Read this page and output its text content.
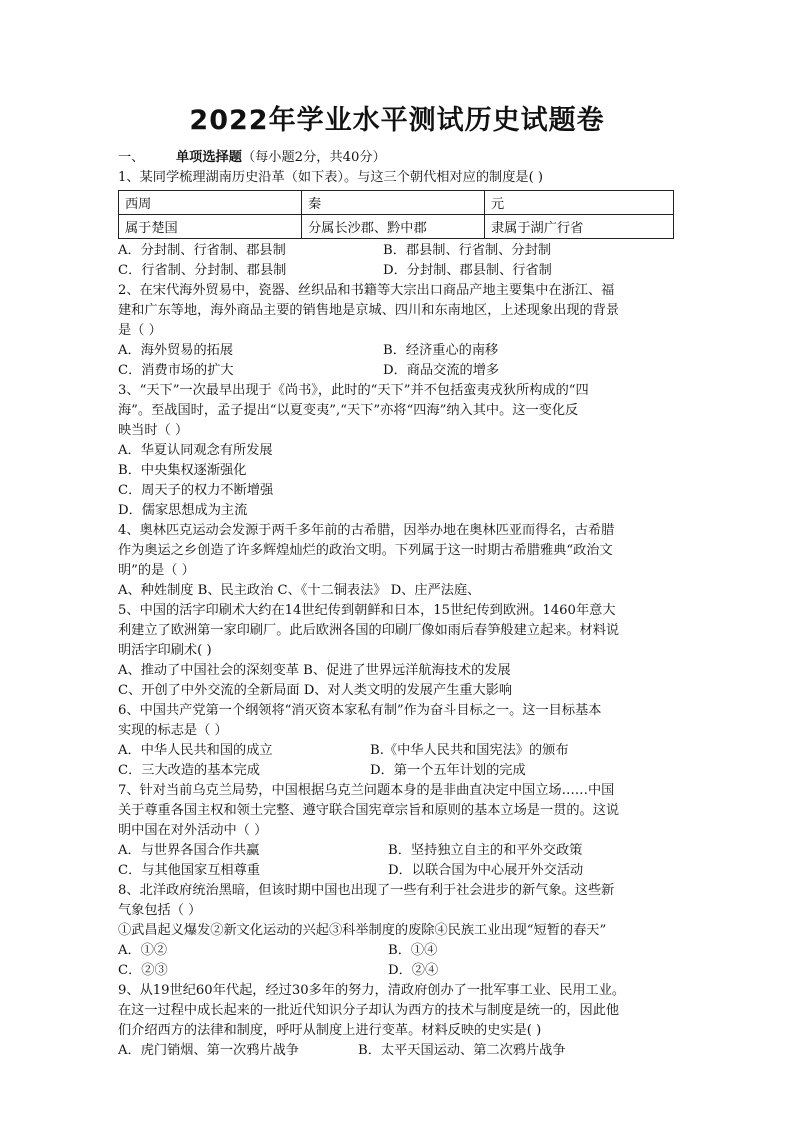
2022年学业水平测试历史试题卷
一、 单项选择题（每小题2分，共40分）
1、某同学梳理湖南历史沿革（如下表）。与这三个朝代相对应的制度是( )
西周	秦	元
属于楚国	分属长沙郡、黔中郡	隶属于湖广行省
A．分封制、行省制、郡县制	B．郡县制、行省制、分封制
C．行省制、分封制、郡县制	D．分封制、郡县制、行省制
2、在宋代海外贸易中，瓷器、丝织品和书籍等大宗出口商品产地主要集中在浙江、福
建和广东等地，海外商品主要的销售地是京城、四川和东南地区，上述现象出现的背景
是（ ）
A．海外贸易的拓展	B．经济重心的南移
C．消费市场的扩大	D．商品交流的增多
3、“天下”一次最早出现于《尚书》，此时的“天下”并不包括蛮夷戎狄所构成的“四
海”。至战国时，孟子提出“以夏变夷”,“天下”亦将“四海”纳入其中。这一变化反
映当时（ ）
A．华夏认同观念有所发展
B．中央集权逐渐强化
C．周天子的权力不断增强
D．儒家思想成为主流
4、奥林匹克运动会发源于两千多年前的古希腊，因举办地在奥林匹亚而得名，古希腊
作为奥运之乡创造了许多辉煌灿烂的政治文明。下列属于这一时期古希腊雅典“政治文
明”的是（ ）
A、种姓制度 B、民主政治 C、《十二铜表法》 D、庄严法庭、
5、中国的活字印刷术大约在14世纪传到朝鲜和日本，15世纪传到欧洲。1460年意大
利建立了欧洲第一家印刷厂。此后欧洲各国的印刷厂像如雨后春笋般建立起来。材料说
明活字印刷术( )
A、推动了中国社会的深刻变革 B、促进了世界远洋航海技术的发展
C、开创了中外交流的全新局面 D、对人类文明的发展产生重大影响
6、中国共产党第一个纲领将“消灭资本家私有制”作为奋斗目标之一。这一目标基本
实现的标志是（ ）
A．中华人民共和国的成立	B.《中华人民共和国宪法》的颁布
C．三大改造的基本完成	D．第一个五年计划的完成
7、针对当前乌克兰局势，中国根据乌克兰问题本身的是非曲直决定中国立场……中国
关于尊重各国主权和领土完整、遵守联合国宪章宗旨和原则的基本立场是一贯的。这说
明中国在对外活动中（ ）
A．与世界各国合作共赢	B．坚持独立自主的和平外交政策
C．与其他国家互相尊重	D．以联合国为中心展开外交活动
8、北洋政府统治黑暗，但该时期中国也出现了一些有利于社会进步的新气象。这些新
气象包括（ ）
①武昌起义爆发②新文化运动的兴起③科举制度的废除④民族工业出现“短暂的春天”
A．①②	B．①④
C．②③	D．②④
9、从19世纪60年代起，经过30多年的努力，清政府创办了一批军事工业、民用工业。
在这一过程中成长起来的一批近代知识分子却认为西方的技术与制度是统一的，因此他
们介绍西方的法律和制度，呼吁从制度上进行变革。材料反映的史实是( )
A．虎门销烟、第一次鸦片战争	B．太平天国运动、第二次鸦片战争
